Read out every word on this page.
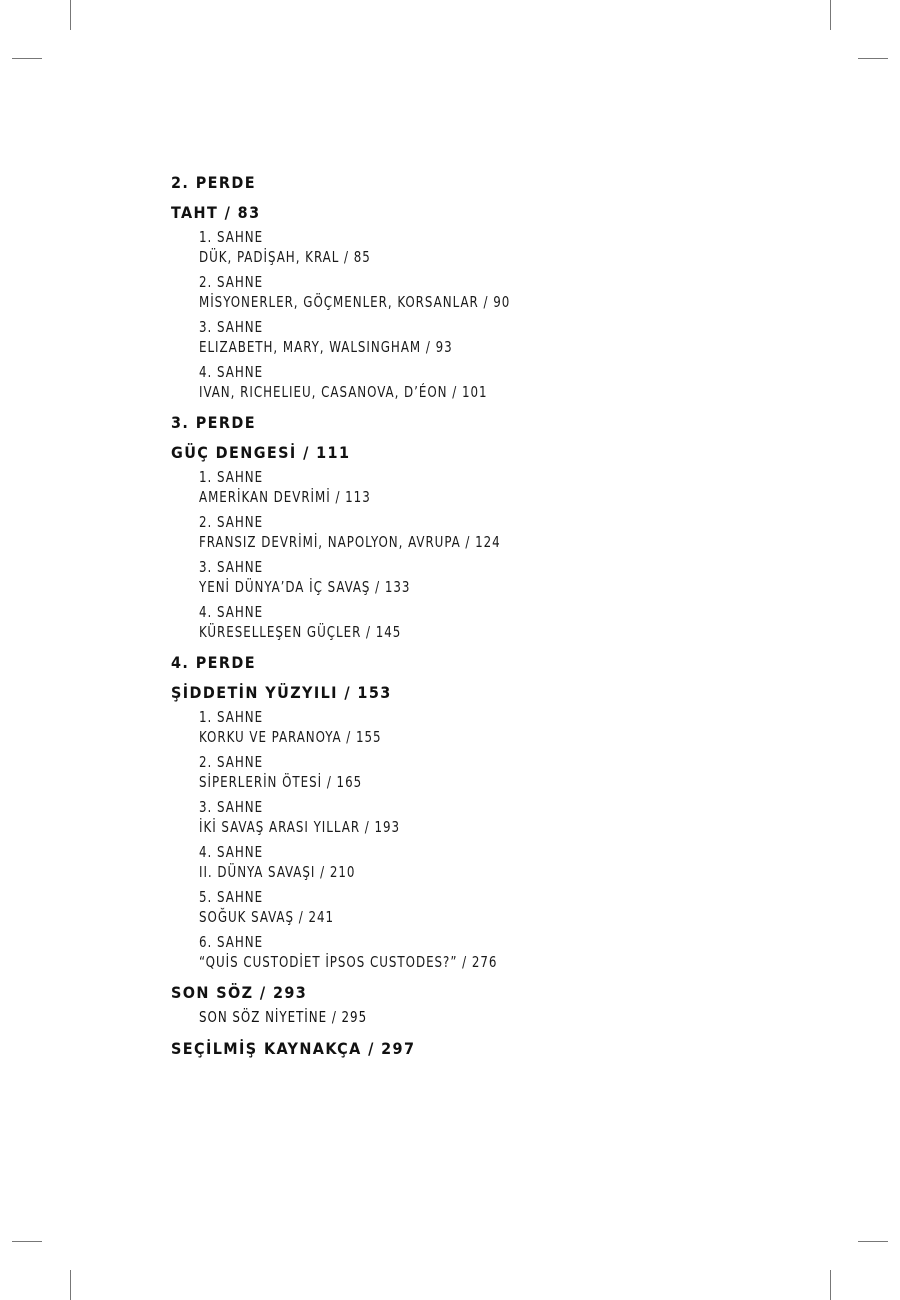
2. PERDE
TAHT / 83
1. SAHNE
DÜK, PADİŞAH, KRAL / 85
2. SAHNE
MİSYONERLER, GÖÇMENLER, KORSANLAR / 90
3. SAHNE
ELIZABETH, MARY, WALSINGHAM / 93
4. SAHNE
IVAN, RICHELIEU, CASANOVA, D’ÉON / 101
3. PERDE
GÜÇ DENGESİ / 111
1. SAHNE
AMERİKAN DEVRİMİ / 113
2. SAHNE
FRANSIZ DEVRİMİ, NAPOLYON, AVRUPA / 124
3. SAHNE
YENİ DÜNYA’DA İÇ SAVAŞ / 133
4. SAHNE
KÜRESELLEŞEN GÜÇLER / 145
4. PERDE
ŞİDDETİN YÜZYILI / 153
1. SAHNE
KORKU VE PARANOYA / 155
2. SAHNE
SİPERLERİN ÖTESİ / 165
3. SAHNE
İKİ SAVAŞ ARASI YILLAR / 193
4. SAHNE
II. DÜNYA SAVAŞI / 210
5. SAHNE
SOĞUK SAVAŞ / 241
6. SAHNE
“QUİS CUSTODİET İPSOS CUSTODES?” / 276
SON SÖZ / 293
SON SÖZ NİYETİNE / 295
SEÇİLMİŞ KAYNAKÇA / 297
